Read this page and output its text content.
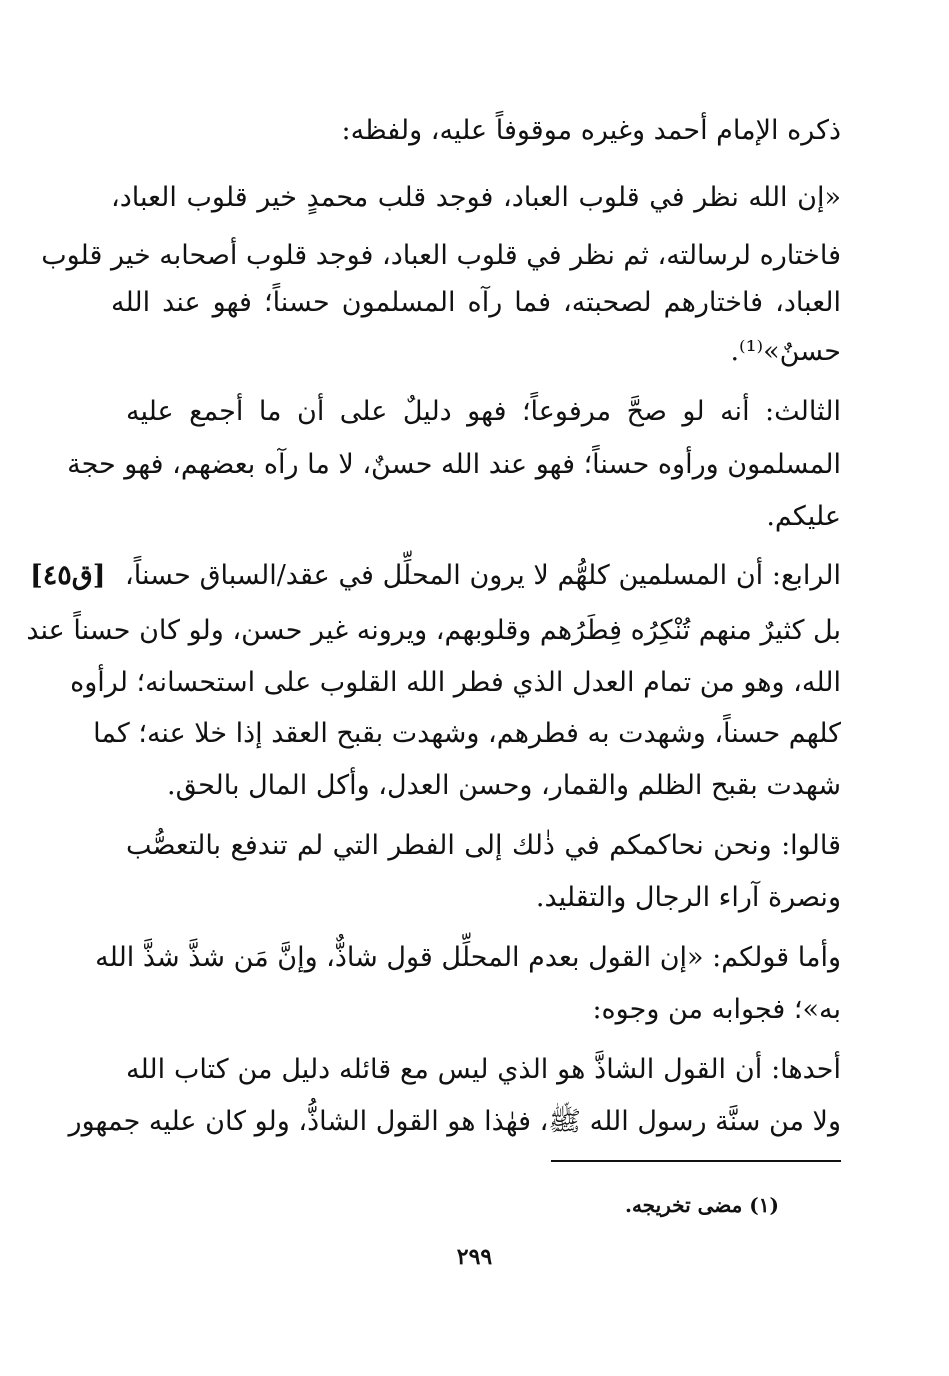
ذكره الإمام أحمد وغيره موقوفاً عليه، ولفظه:
«إن الله نظر في قلوب العباد، فوجد قلب محمدٍ خير قلوب العباد،
فاختاره لرسالته، ثم نظر في قلوب العباد، فوجد قلوب أصحابه خير قلوب
العباد، فاختارهم لصحبته، فما رآه المسلمون حسناً؛ فهو عند الله
حسنٌ»⁽¹⁾.
الثالث: أنه لو صحَّ مرفوعاً؛ فهو دليلٌ على أن ما أجمع عليه
المسلمون ورأوه حسناً؛ فهو عند الله حسنٌ، لا ما رآه بعضهم، فهو حجة
عليكم.
الرابع: أن المسلمين كلهُّم لا يرون المحلِّل في عقد/السباق حسناً،
بل كثيرٌ منهم تُنْكِرُه فِطَرُهم وقلوبهم، ويرونه غير حسن، ولو كان حسناً عند
الله، وهو من تمام العدل الذي فطر الله القلوب على استحسانه؛ لرأوه
كلهم حسناً، وشهدت به فطرهم، وشهدت بقبح العقد إذا خلا عنه؛ كما
شهدت بقبح الظلم والقمار، وحسن العدل، وأكل المال بالحق.
قالوا: ونحن نحاكمكم في ذٰلك إلى الفطر التي لم تندفع بالتعصُّب
ونصرة آراء الرجال والتقليد.
وأما قولكم: «إن القول بعدم المحلِّل قول شاذٌّ، وإنَّ مَن شذَّ شذَّ الله
به»؛ فجوابه من وجوه:
أحدها: أن القول الشاذَّ هو الذي ليس مع قائله دليل من كتاب الله
ولا من سنَّة رسول الله ﷺ، فهٰذا هو القول الشاذُّ، ولو كان عليه جمهور
[ق٤٥]
(١) مضى تخريجه.
٢٩٩
